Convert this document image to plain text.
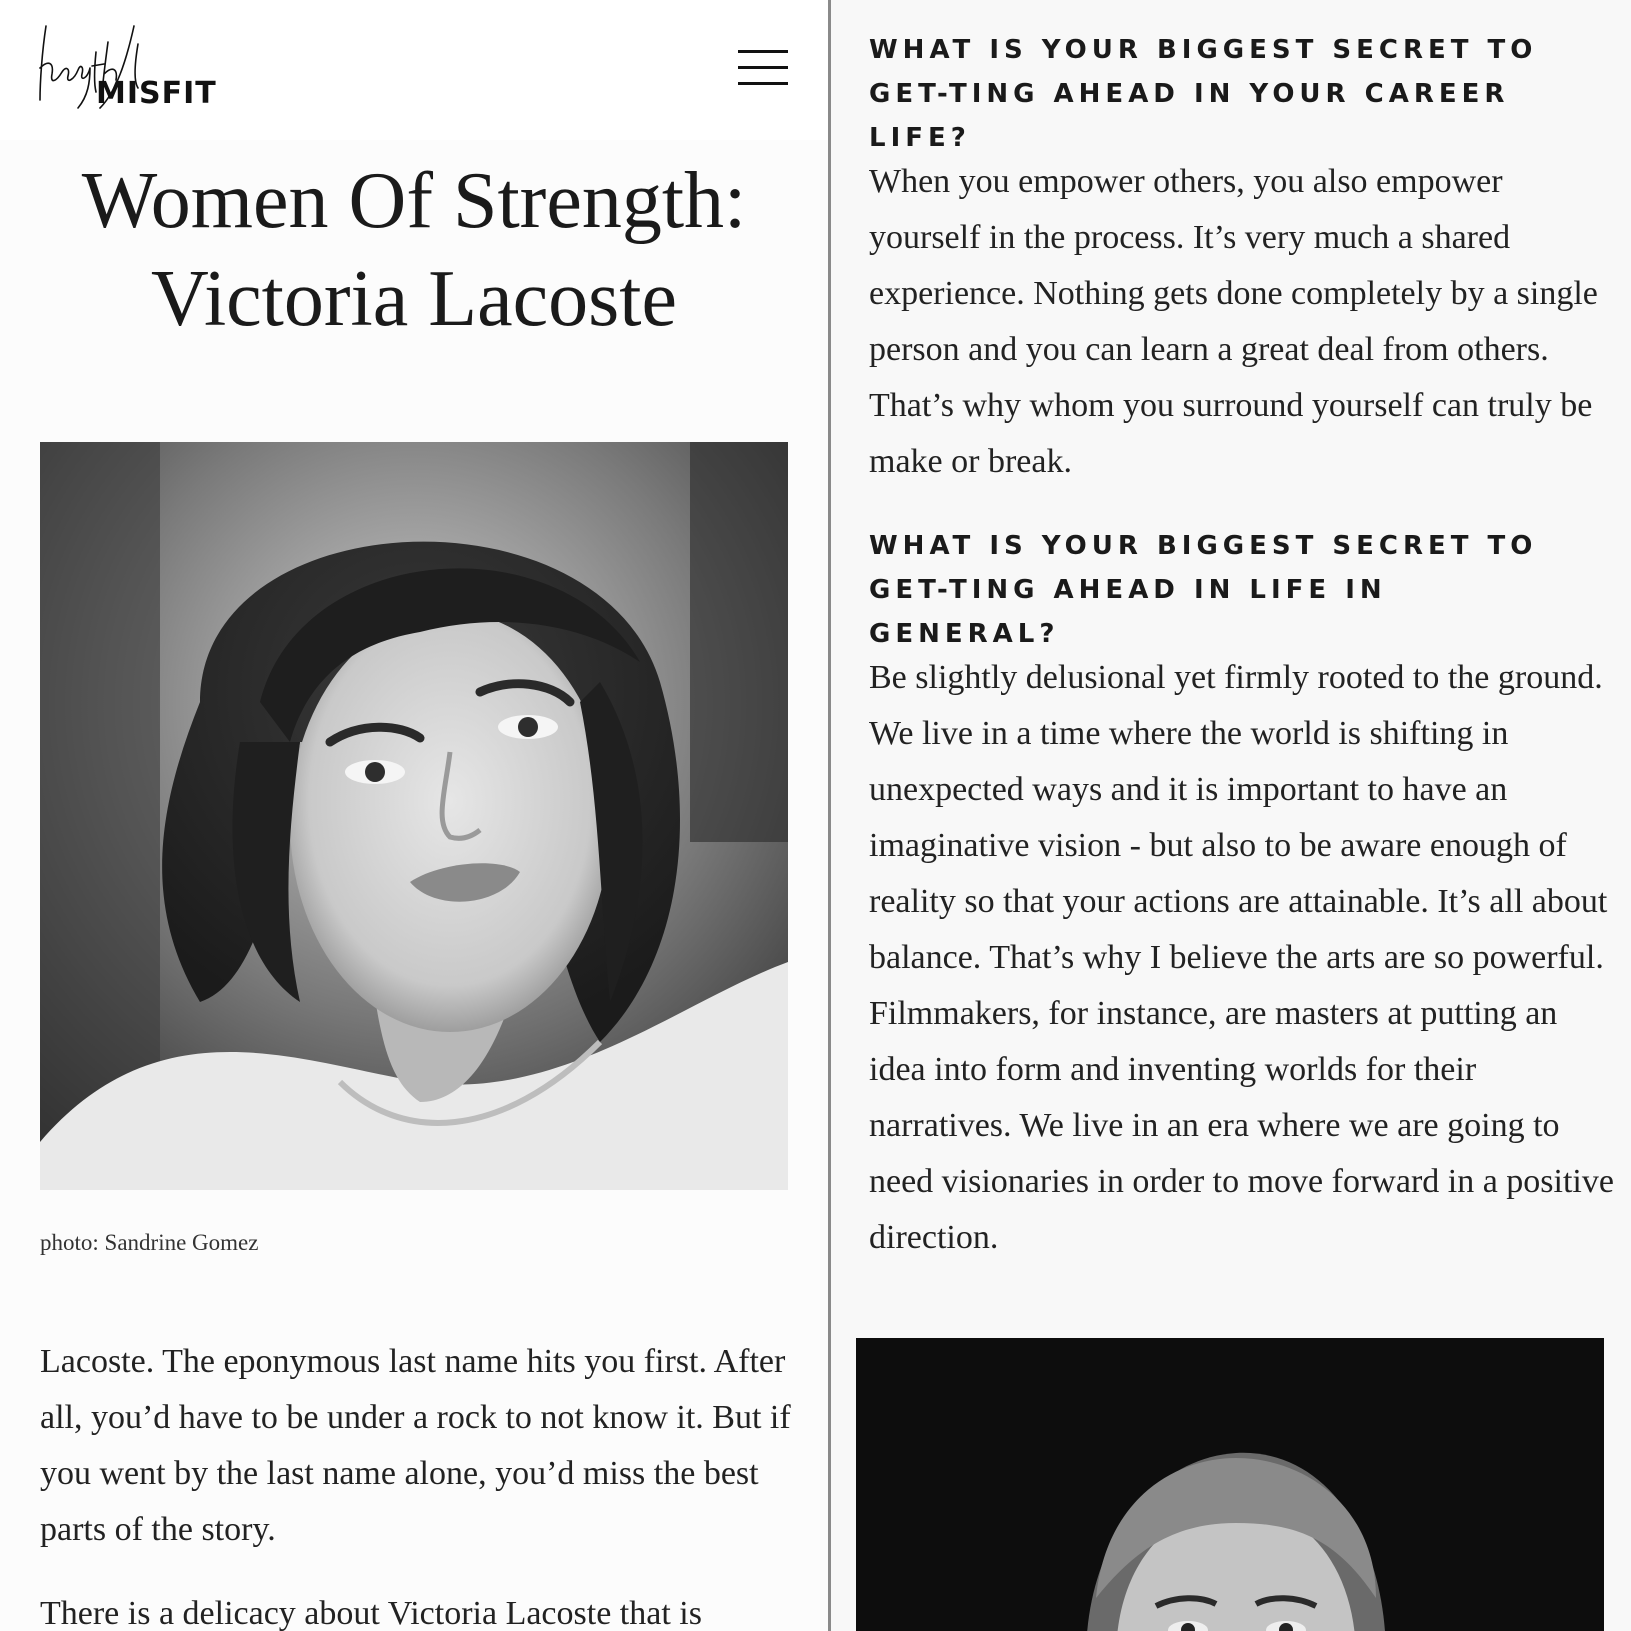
MISFIT
Women Of Strength:
Victoria Lacoste
photo: Sandrine Gomez

Lacoste. The eponymous last name hits you first. After all, you’d have to be under a rock to not know it. But if you went by the last name alone, you’d miss the best parts of the story.

There is a delicacy about Victoria Lacoste that is

WHAT IS YOUR BIGGEST SECRET TO GET-TING AHEAD IN YOUR CAREER LIFE?

When you empower others, you also empower yourself in the process. It’s very much a shared experience. Nothing gets done completely by a single person and you can learn a great deal from others. That’s why whom you surround yourself can truly be make or break.

WHAT IS YOUR BIGGEST SECRET TO GET-TING AHEAD IN LIFE IN GENERAL?

Be slightly delusional yet firmly rooted to the ground. We live in a time where the world is shifting in unexpected ways and it is important to have an imaginative vision - but also to be aware enough of reality so that your actions are attainable. It’s all about balance. That’s why I believe the arts are so powerful. Filmmakers, for instance, are masters at putting an idea into form and inventing worlds for their narratives. We live in an era where we are going to need visionaries in order to move forward in a positive direction.
